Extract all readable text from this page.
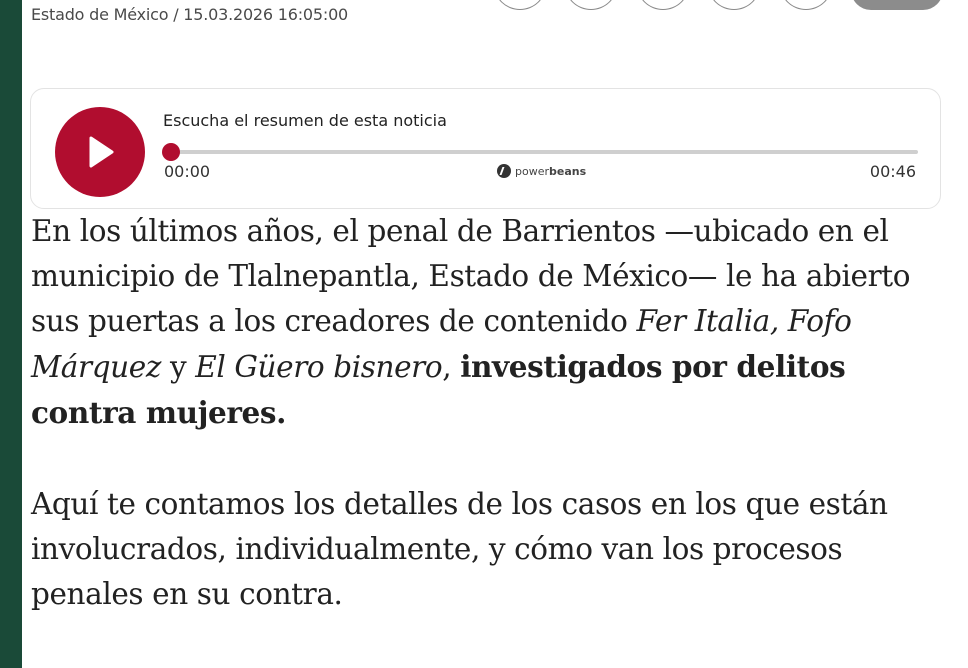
Estado de México / 15.03.2026 16:05:00
Escucha el resumen de esta noticia
00:00	powerbeans	00:46

En los últimos años, el penal de Barrientos —ubicado en el municipio de Tlalnepantla, Estado de México— le ha abierto sus puertas a los creadores de contenido Fer Italia, Fofo Márquez y El Güero bisnero, investigados por delitos contra mujeres.

Aquí te contamos los detalles de los casos en los que están involucrados, individualmente, y cómo van los procesos penales en su contra.
